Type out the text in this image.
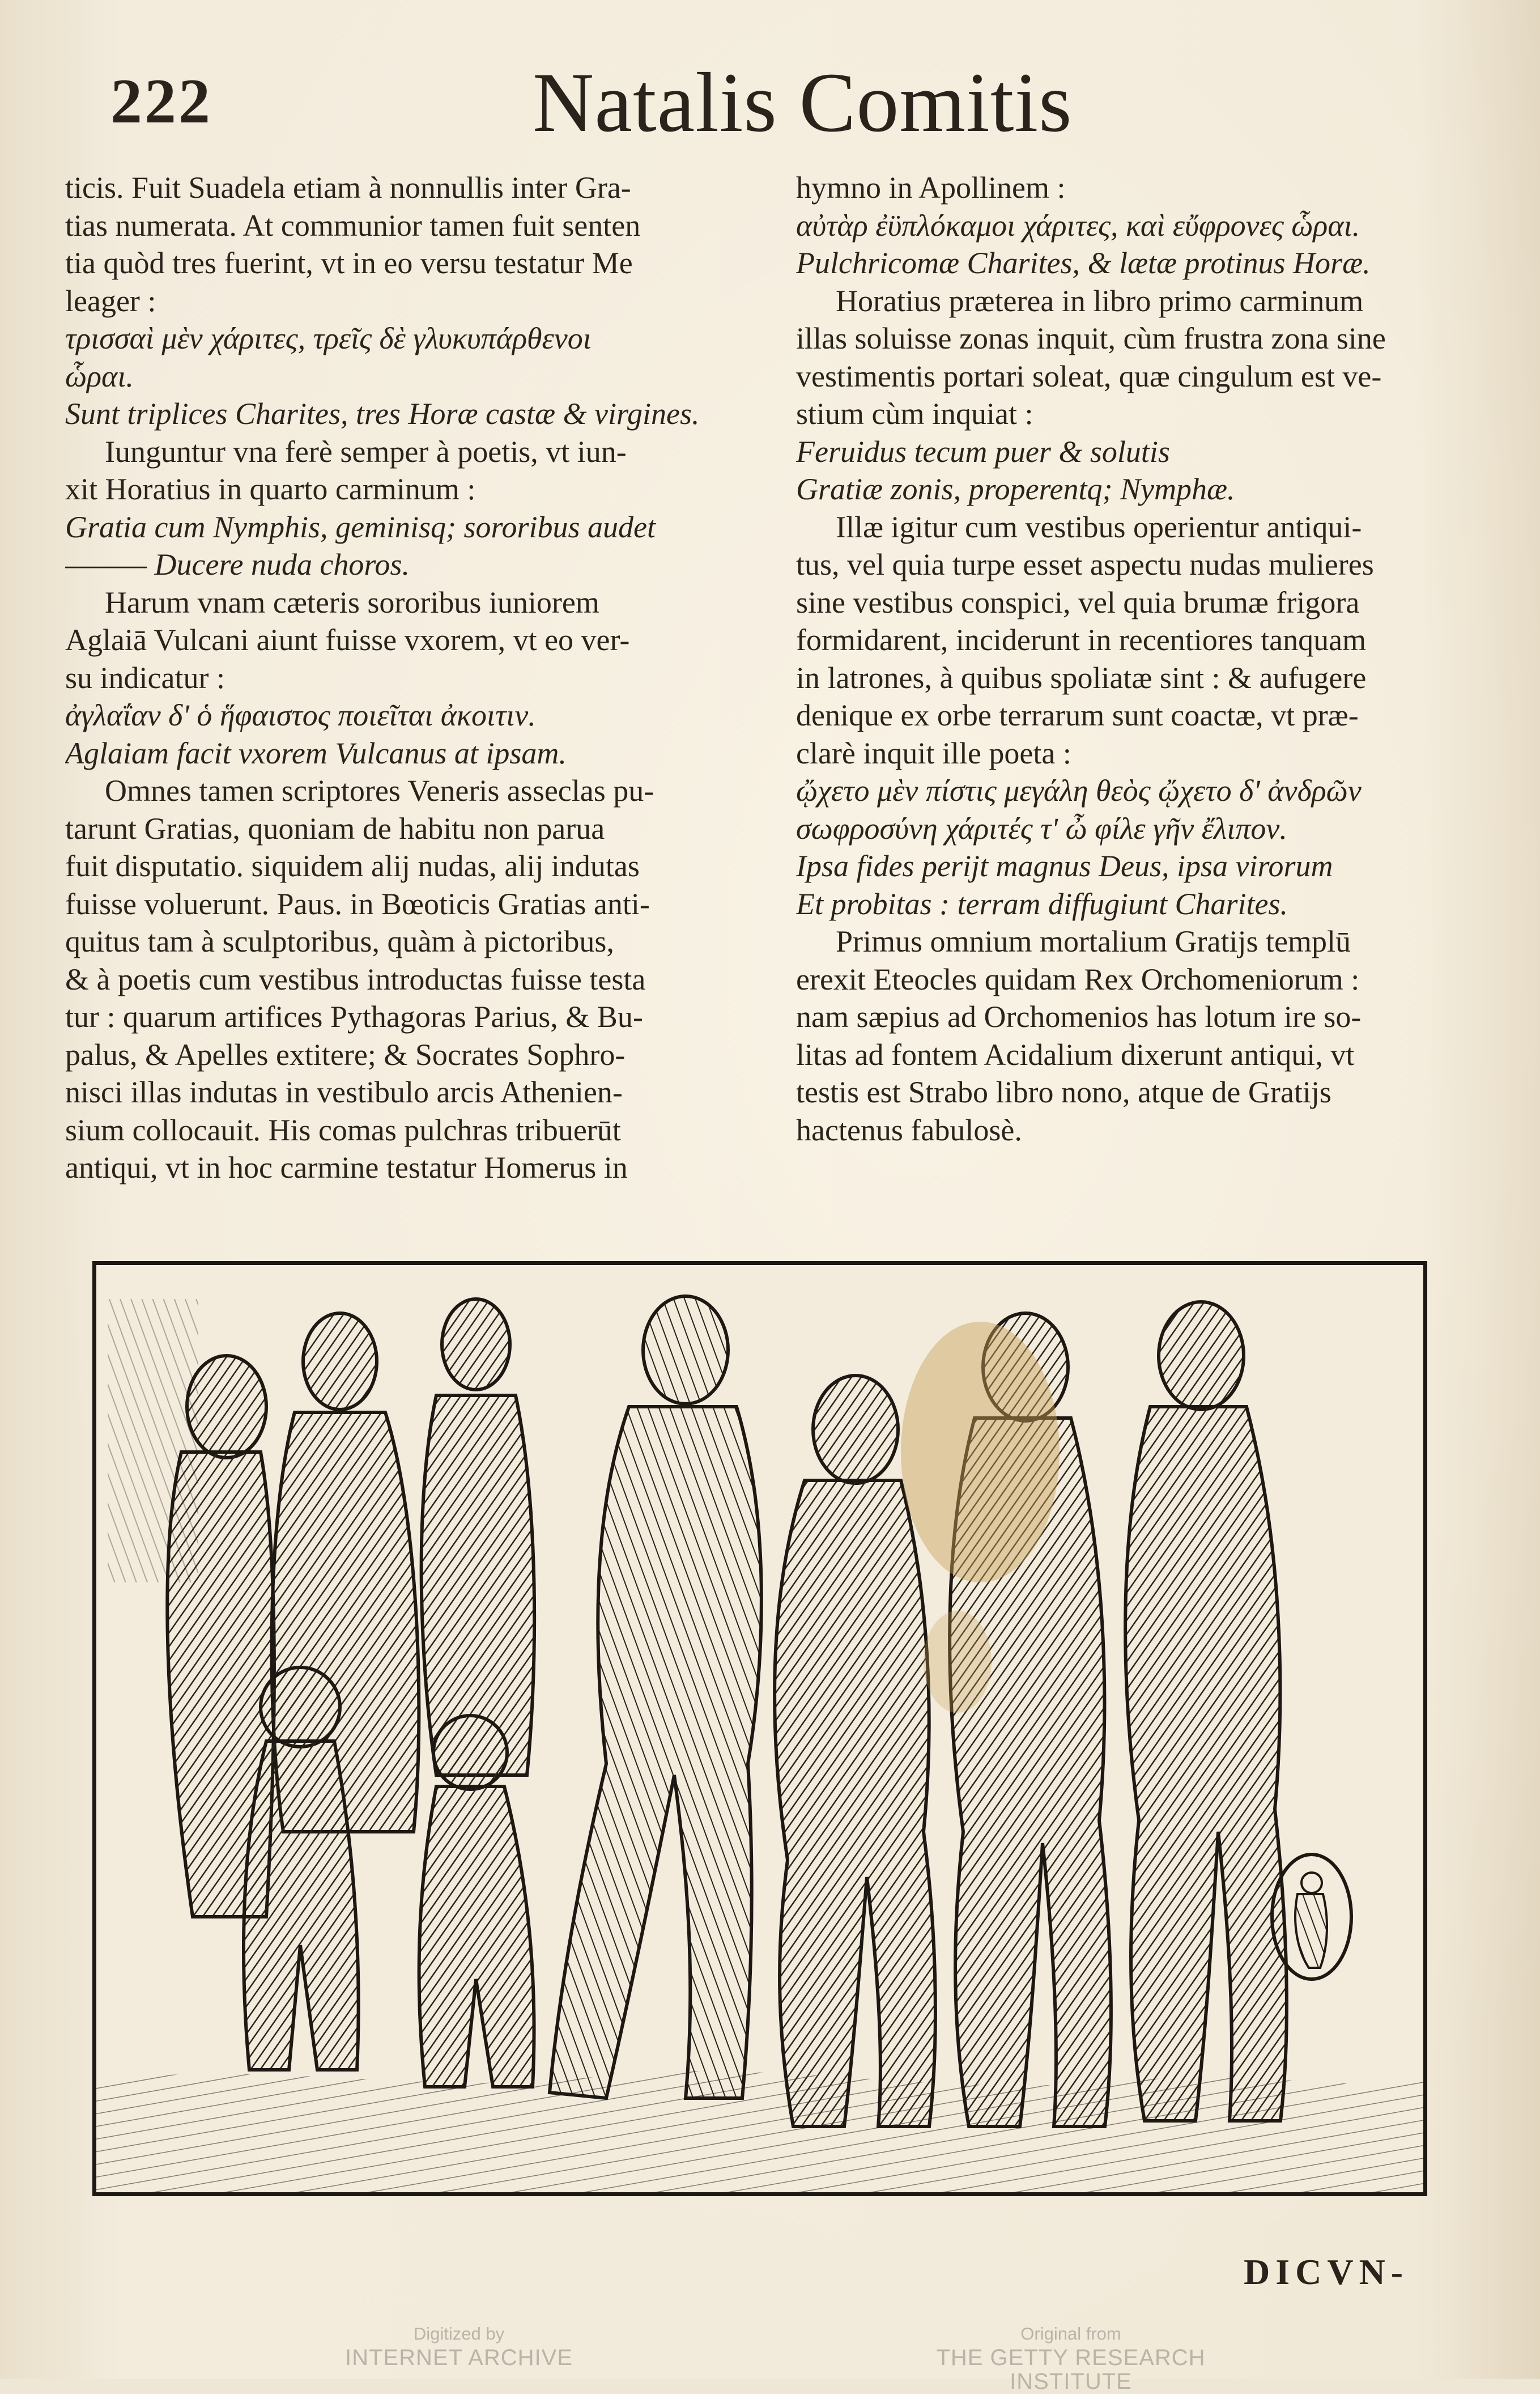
222	Natalis Comitis
ticis. Fuit Suadela etiam à nonnullis inter Gra-
tias numerata. At communior tamen fuit senten
tia quòd tres fuerint, vt in eo versu testatur Me
leager :
τρισσαὶ μὲν χάριτες, τρεῖς δὲ γλυκυπάρθενοι
ὧραι.
Sunt triplices Charites, tres Horæ castæ & virgines.
Iunguntur vna ferè semper à poetis, vt iun-
xit Horatius in quarto carminum :
Gratia cum Nymphis, geminisq; sororibus audet
——— Ducere nuda choros.
Harum vnam cæteris sororibus iuniorem
Aglaiā Vulcani aiunt fuisse vxorem, vt eo ver-
su indicatur :
ἀγλαΐαν δ' ὁ ἥφαιστος ποιεῖται ἀκοιτιν.
Aglaiam facit vxorem Vulcanus at ipsam.
Omnes tamen scriptores Veneris asseclas pu-
tarunt Gratias, quoniam de habitu non parua
fuit disputatio. siquidem alij nudas, alij indutas
fuisse voluerunt. Paus. in Bœoticis Gratias anti-
quitus tam à sculptoribus, quàm à pictoribus,
& à poetis cum vestibus introductas fuisse testa
tur : quarum artifices Pythagoras Parius, & Bu-
palus, & Apelles extitere; & Socrates Sophro-
nisci illas indutas in vestibulo arcis Athenien-
sium collocauit. His comas pulchras tribuerūt
antiqui, vt in hoc carmine testatur Homerus in
hymno in Apollinem :
αὐτὰρ ἐϋπλόκαμοι χάριτες, καὶ εὔφρονες ὧραι.
Pulchricomæ Charites, & lætæ protinus Horæ.
Horatius præterea in libro primo carminum
illas soluisse zonas inquit, cùm frustra zona sine
vestimentis portari soleat, quæ cingulum est ve-
stium cùm inquiat :
Feruidus tecum puer & solutis
Gratiæ zonis, properentq; Nymphæ.
Illæ igitur cum vestibus operientur antiqui-
tus, vel quia turpe esset aspectu nudas mulieres
sine vestibus conspici, vel quia brumæ frigora
formidarent, inciderunt in recentiores tanquam
in latrones, à quibus spoliatæ sint : & aufugere
denique ex orbe terrarum sunt coactæ, vt præ-
clarè inquit ille poeta :
ᾤχετο μὲν πίστις μεγάλη θεὸς ᾤχετο δ' ἀνδρῶν
σωφροσύνη χάριτές τ' ὦ φίλε γῆν ἔλιπον.
Ipsa fides perijt magnus Deus, ipsa virorum
Et probitas : terram diffugiunt Charites.
Primus omnium mortalium Gratijs templū
erexit Eteocles quidam Rex Orchomeniorum :
nam sæpius ad Orchomenios has lotum ire so-
litas ad fontem Acidalium dixerunt antiqui, vt
testis est Strabo libro nono, atque de Gratijs
hactenus fabulosè.
DICVN-
Digitized by
INTERNET ARCHIVE
Original from
THE GETTY RESEARCH INSTITUTE
